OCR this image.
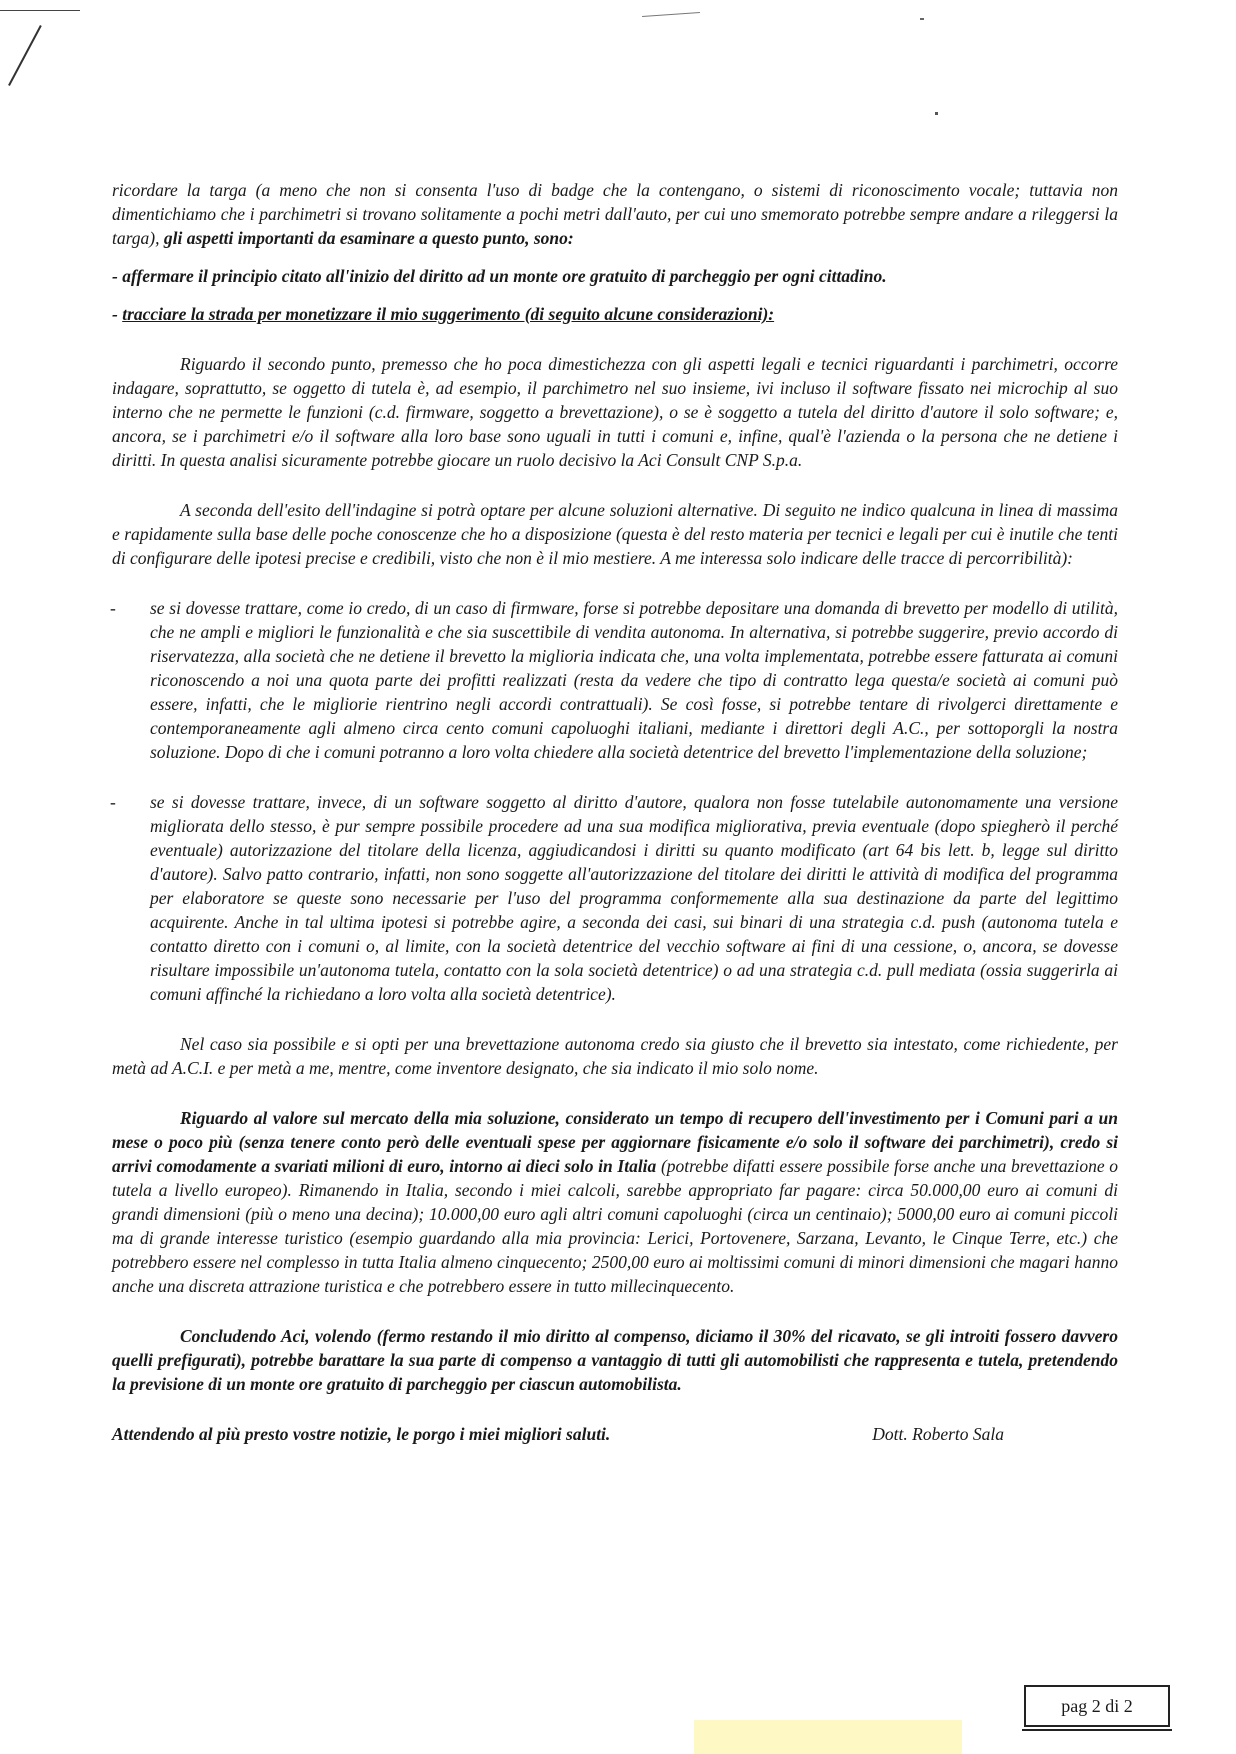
ricordare la targa (a meno che non si consenta l'uso di badge che la contengano, o sistemi di riconoscimento vocale; tuttavia non dimentichiamo che i parchimetri si trovano solitamente a pochi metri dall'auto, per cui uno smemorato potrebbe sempre andare a rileggersi la targa), gli aspetti importanti da esaminare a questo punto, sono:

- affermare il principio citato all'inizio del diritto ad un monte ore gratuito di parcheggio per ogni cittadino.

- tracciare la strada per monetizzare il mio suggerimento (di seguito alcune considerazioni):

Riguardo il secondo punto, premesso che ho poca dimestichezza con gli aspetti legali e tecnici riguardanti i parchimetri, occorre indagare, soprattutto, se oggetto di tutela è, ad esempio, il parchimetro nel suo insieme, ivi incluso il software fissato nei microchip al suo interno che ne permette le funzioni (c.d. firmware, soggetto a brevettazione), o se è soggetto a tutela del diritto d'autore il solo software; e, ancora, se i parchimetri e/o il software alla loro base sono uguali in tutti i comuni e, infine, qual'è l'azienda o la persona che ne detiene i diritti. In questa analisi sicuramente potrebbe giocare un ruolo decisivo la Aci Consult CNP S.p.a.

A seconda dell'esito dell'indagine si potrà optare per alcune soluzioni alternative. Di seguito ne indico qualcuna in linea di massima e rapidamente sulla base delle poche conoscenze che ho a disposizione (questa è del resto materia per tecnici e legali per cui è inutile che tenti di configurare delle ipotesi precise e credibili, visto che non è il mio mestiere. A me interessa solo indicare delle tracce di percorribilità):

- se si dovesse trattare, come io credo, di un caso di firmware, forse si potrebbe depositare una domanda di brevetto per modello di utilità, che ne ampli e migliori le funzionalità e che sia suscettibile di vendita autonoma. In alternativa, si potrebbe suggerire, previo accordo di riservatezza, alla società che ne detiene il brevetto la miglioria indicata che, una volta implementata, potrebbe essere fatturata ai comuni riconoscendo a noi una quota parte dei profitti realizzati (resta da vedere che tipo di contratto lega questa/e società ai comuni può essere, infatti, che le migliorie rientrino negli accordi contrattuali). Se così fosse, si potrebbe tentare di rivolgerci direttamente e contemporaneamente agli almeno circa cento comuni capoluoghi italiani, mediante i direttori degli A.C., per sottoporgli la nostra soluzione. Dopo di che i comuni potranno a loro volta chiedere alla società detentrice del brevetto l'implementazione della soluzione;

- se si dovesse trattare, invece, di un software soggetto al diritto d'autore, qualora non fosse tutelabile autonomamente una versione migliorata dello stesso, è pur sempre possibile procedere ad una sua modifica migliorativa, previa eventuale (dopo spiegherò il perché eventuale) autorizzazione del titolare della licenza, aggiudicandosi i diritti su quanto modificato (art 64 bis lett. b, legge sul diritto d'autore). Salvo patto contrario, infatti, non sono soggette all'autorizzazione del titolare dei diritti le attività di modifica del programma per elaboratore se queste sono necessarie per l'uso del programma conformemente alla sua destinazione da parte del legittimo acquirente. Anche in tal ultima ipotesi si potrebbe agire, a seconda dei casi, sui binari di una strategia c.d. push (autonoma tutela e contatto diretto con i comuni o, al limite, con la società detentrice del vecchio software ai fini di una cessione, o, ancora, se dovesse risultare impossibile un'autonoma tutela, contatto con la sola società detentrice) o ad una strategia c.d. pull mediata (ossia suggerirla ai comuni affinché la richiedano a loro volta alla società detentrice).

Nel caso sia possibile e si opti per una brevettazione autonoma credo sia giusto che il brevetto sia intestato, come richiedente, per metà ad A.C.I. e per metà a me, mentre, come inventore designato, che sia indicato il mio solo nome.

Riguardo al valore sul mercato della mia soluzione, considerato un tempo di recupero dell'investimento per i Comuni pari a un mese o poco più (senza tenere conto però delle eventuali spese per aggiornare fisicamente e/o solo il software dei parchimetri), credo si arrivi comodamente a svariati milioni di euro, intorno ai dieci solo in Italia (potrebbe difatti essere possibile forse anche una brevettazione o tutela a livello europeo). Rimanendo in Italia, secondo i miei calcoli, sarebbe appropriato far pagare: circa 50.000,00 euro ai comuni di grandi dimensioni (più o meno una decina); 10.000,00 euro agli altri comuni capoluoghi (circa un centinaio); 5000,00 euro ai comuni piccoli ma di grande interesse turistico (esempio guardando alla mia provincia: Lerici, Portovenere, Sarzana, Levanto, le Cinque Terre, etc.) che potrebbero essere nel complesso in tutta Italia almeno cinquecento; 2500,00 euro ai moltissimi comuni di minori dimensioni che magari hanno anche una discreta attrazione turistica e che potrebbero essere in tutto millecinquecento.

Concludendo Aci, volendo (fermo restando il mio diritto al compenso, diciamo il 30% del ricavato, se gli introiti fossero davvero quelli prefigurati), potrebbe barattare la sua parte di compenso a vantaggio di tutti gli automobilisti che rappresenta e tutela, pretendendo la previsione di un monte ore gratuito di parcheggio per ciascun automobilista.

Attendendo al più presto vostre notizie, le porgo i miei migliori saluti.	Dott. Roberto Sala
pag 2 di 2
